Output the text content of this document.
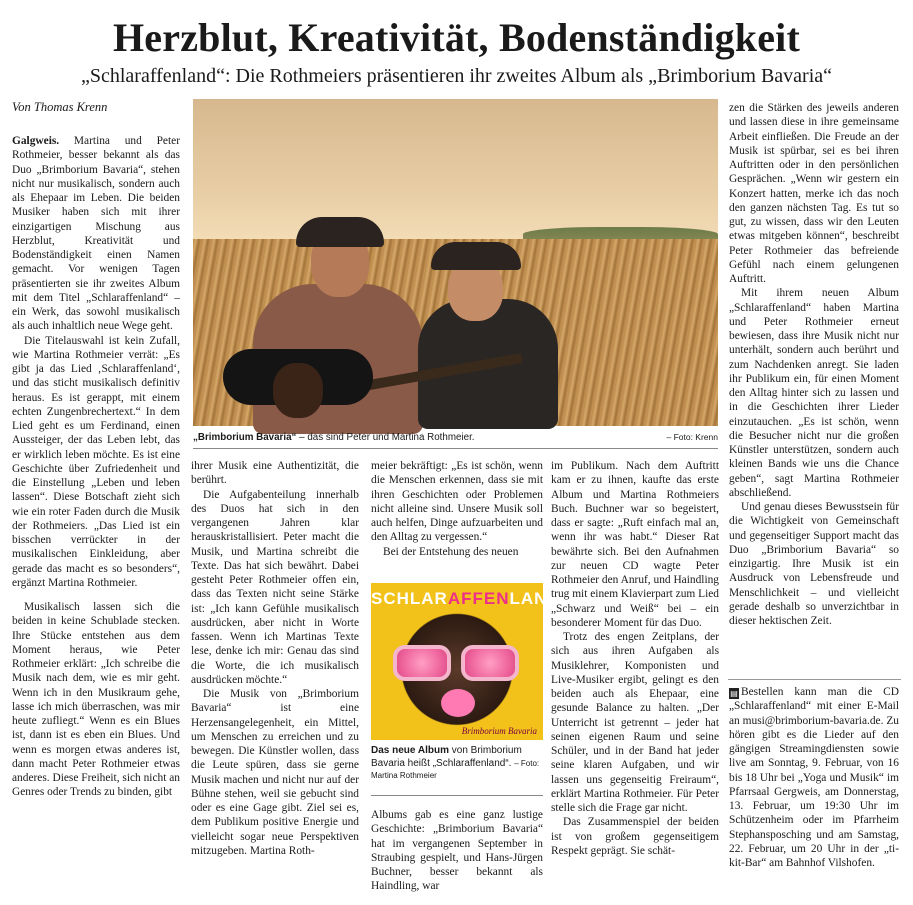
Herzblut, Kreativität, Bodenständigkeit
„Schlaraffenland“: Die Rothmeiers präsentieren ihr zweites Album als „Brimborium Bavaria“
Von Thomas Krenn

Galgweis. Martina und Peter Rothmeier, besser bekannt als das Duo „Brimborium Bavaria“, stehen nicht nur musikalisch, sondern auch als Ehepaar im Leben. Die beiden Musiker haben sich mit ihrer einzigartigen Mischung aus Herzblut, Kreativität und Bodenständigkeit einen Namen gemacht. Vor wenigen Tagen präsentierten sie ihr zweites Album mit dem Titel „Schlaraffenland“ – ein Werk, das sowohl musikalisch als auch inhaltlich neue Wege geht.

Die Titelauswahl ist kein Zufall, wie Martina Rothmeier verrät: „Es gibt ja das Lied ‚Schlaraffenland‘, und das sticht musikalisch definitiv heraus. Es ist gerappt, mit einem echten Zungenbrechertext.“ In dem Lied geht es um Ferdinand, einen Aussteiger, der das Leben lebt, das er wirklich leben möchte. Es ist eine Geschichte über Zufriedenheit und die Einstellung „Leben und leben lassen“. Diese Botschaft zieht sich wie ein roter Faden durch die Musik der Rothmeiers. „Das Lied ist ein bisschen verrückter in der musikalischen Einkleidung, aber gerade das macht es so besonders“, ergänzt Martina Rothmeier.

Musikalisch lassen sich die beiden in keine Schublade stecken. Ihre Stücke entstehen aus dem Moment heraus, wie Peter Rothmeier erklärt: „Ich schreibe die Musik nach dem, wie es mir geht. Wenn ich in den Musikraum gehe, lasse ich mich überraschen, was mir heute zufliegt.“ Wenn es ein Blues ist, dann ist es eben ein Blues. Und wenn es morgen etwas anderes ist, dann macht Peter Rothmeier etwas anderes. Diese Freiheit, sich nicht an Genres oder Trends zu binden, gibt

„Brimborium Bavaria“ – das sind Peter und Martina Rothmeier.	– Foto: Krenn

ihrer Musik eine Authentizität, die berührt.

Die Aufgabenteilung innerhalb des Duos hat sich in den vergangenen Jahren klar herauskristallisiert. Peter macht die Musik, und Martina schreibt die Texte. Das hat sich bewährt. Dabei gesteht Peter Rothmeier offen ein, dass das Texten nicht seine Stärke ist: „Ich kann Gefühle musikalisch ausdrücken, aber nicht in Worte fassen. Wenn ich Martinas Texte lese, denke ich mir: Genau das sind die Worte, die ich musikalisch ausdrücken möchte.“

Die Musik von „Brimborium Bavaria“ ist eine Herzensangelegenheit, ein Mittel, um Menschen zu erreichen und zu bewegen. Die Künstler wollen, dass die Leute spüren, dass sie gerne Musik machen und nicht nur auf der Bühne stehen, weil sie gebucht sind oder es eine Gage gibt. Ziel sei es, dem Publikum positive Energie und vielleicht sogar neue Perspektiven mitzugeben. Martina Roth-

meier bekräftigt: „Es ist schön, wenn die Menschen erkennen, dass sie mit ihren Geschichten oder Problemen nicht alleine sind. Unsere Musik soll auch helfen, Dinge aufzuarbeiten und den Alltag zu vergessen.“

Bei der Entstehung des neuen

SCHLARAFFENLAND
Brimborium Bavaria
Das neue Album von Brimborium Bavaria heißt „Schlaraffenland“. – Foto: Martina Rothmeier

Albums gab es eine ganz lustige Geschichte: „Brimborium Bavaria“ hat im vergangenen September in Straubing gespielt, und Hans-Jürgen Buchner, besser bekannt als Haindling, war

im Publikum. Nach dem Auftritt kam er zu ihnen, kaufte das erste Album und Martina Rothmeiers Buch. Buchner war so begeistert, dass er sagte: „Ruft einfach mal an, wenn ihr was habt.“ Dieser Rat bewährte sich. Bei den Aufnahmen zur neuen CD wagte Peter Rothmeier den Anruf, und Haindling trug mit einem Klavierpart zum Lied „Schwarz und Weiß“ bei – ein besonderer Moment für das Duo.

Trotz des engen Zeitplans, der sich aus ihren Aufgaben als Musiklehrer, Komponisten und Live-Musiker ergibt, gelingt es den beiden auch als Ehepaar, eine gesunde Balance zu halten. „Der Unterricht ist getrennt – jeder hat seinen eigenen Raum und seine Schüler, und in der Band hat jeder seine klaren Aufgaben, und wir lassen uns gegenseitig Freiraum“, erklärt Martina Rothmeier. Für Peter stelle sich die Frage gar nicht.

Das Zusammenspiel der beiden ist von großem gegenseitigem Respekt geprägt. Sie schät-

zen die Stärken des jeweils anderen und lassen diese in ihre gemeinsame Arbeit einfließen. Die Freude an der Musik ist spürbar, sei es bei ihren Auftritten oder in den persönlichen Gesprächen. „Wenn wir gestern ein Konzert hatten, merke ich das noch den ganzen nächsten Tag. Es tut so gut, zu wissen, dass wir den Leuten etwas mitgeben können“, beschreibt Peter Rothmeier das befreiende Gefühl nach einem gelungenen Auftritt.

Mit ihrem neuen Album „Schlaraffenland“ haben Martina und Peter Rothmeier erneut bewiesen, dass ihre Musik nicht nur unterhält, sondern auch berührt und zum Nachdenken anregt. Sie laden ihr Publikum ein, für einen Moment den Alltag hinter sich zu lassen und in die Geschichten ihrer Lieder einzutauchen. „Es ist schön, wenn die Besucher nicht nur die großen Künstler unterstützen, sondern auch kleinen Bands wie uns die Chance geben“, sagt Martina Rothmeier abschließend.

Und genau dieses Bewusstsein für die Wichtigkeit von Gemeinschaft und gegenseitiger Support macht das Duo „Brimborium Bavaria“ so einzigartig. Ihre Musik ist ein Ausdruck von Lebensfreude und Menschlichkeit – und vielleicht gerade deshalb so unverzichtbar in dieser hektischen Zeit.

▤ Bestellen kann man die CD „Schlaraffenland“ mit einer E-Mail an musi@brimborium-bavaria.de. Zu hören gibt es die Lieder auf den gängigen Streamingdiensten sowie live am Sonntag, 9. Februar, von 16 bis 18 Uhr bei „Yoga und Musik“ im Pfarrsaal Gergweis, am Donnerstag, 13. Februar, um 19:30 Uhr im Schützenheim oder im Pfarrheim Stephansposching und am Samstag, 22. Februar, um 20 Uhr in der „ti-kit-Bar“ am Bahnhof Vilshofen.
